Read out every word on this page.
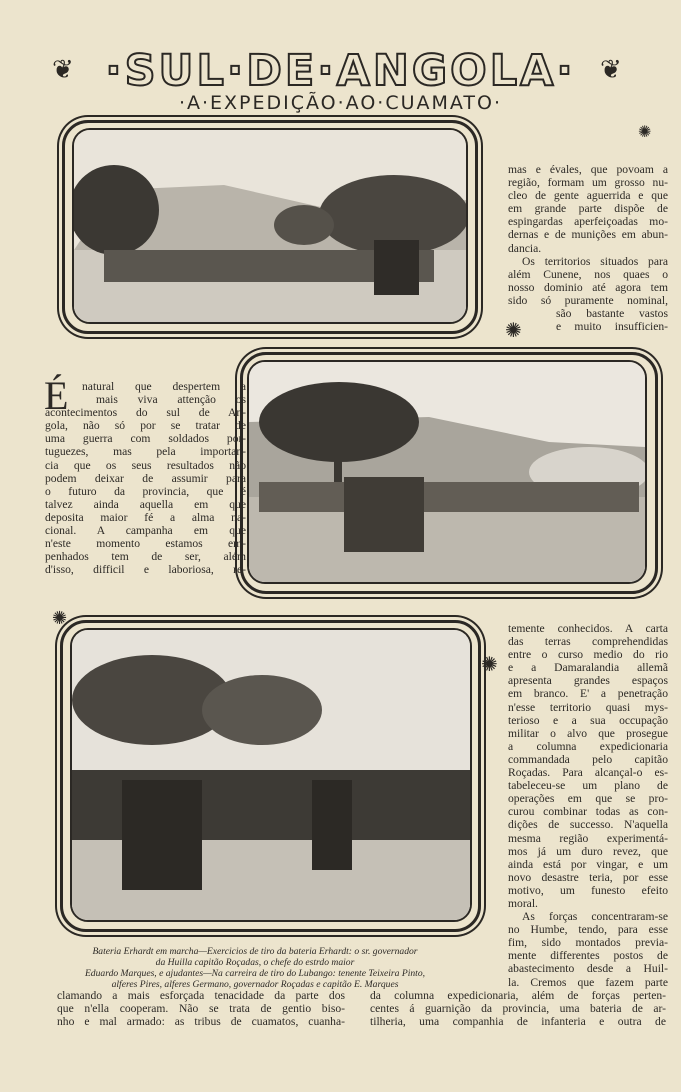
·SUL·DE·ANGOLA·
·A·EXPEDIÇÃO·AO·CUAMATO·
❦	❦
✺
✺
✺
✺
É natural que despertem a
mais viva attenção os
acontecimentos do sul de An-
gola, não só por se tratar de
uma guerra com soldados por-
tuguezes, mas pela importan-
cia que os seus resultados não
podem deixar de assumir para
o futuro da provincia, que é
talvez ainda aquella em que
deposita maior fé a alma na-
cional. A campanha em que
n'este momento estamos em-
penhados tem de ser, além
d'isso, difficil e laboriosa, re-
mas e évales, que povoam a
região, formam um grosso nu-
cleo de gente aguerrida e que
em grande parte dispõe de
espingardas aperfeiçoadas mo-
dernas e de munições em abun-
dancia.
Os territorios situados para
além Cunene, nos quaes o
nosso dominio até agora tem
sido só puramente nominal,
são bastante vastos
e muito insufficien-
temente conhecidos. A carta
das terras comprehendidas
entre o curso medio do rio
e a Damaralandia allemã
apresenta grandes espaços
em branco. E' a penetração
n'esse territorio quasi mys-
terioso e a sua occupação
militar o alvo que prosegue
a columna expedicionaria
commandada pelo capitão
Roçadas. Para alcançal-o es-
tabeleceu-se um plano de
operações em que se pro-
curou combinar todas as con-
dições de successo. N'aquella
mesma região experimentá-
mos já um duro revez, que
ainda está por vingar, e um
novo desastre teria, por esse
motivo, um funesto efeito
moral.
As forças concentraram-se
no Humbe, tendo, para esse
fim, sido montados previa-
mente differentes postos de
abastecimento desde a Huil-
la. Cremos que fazem parte
clamando a mais esforçada tenacidade da parte dos
que n'ella cooperam. Não se trata de gentio biso-
nho e mal armado: as tribus de cuamatos, cuanha-
da columna expedicionaria, além de forças perten-
centes á guarnição da provincia, uma bateria de ar-
tilheria, uma companhia de infanteria e outra de
Bateria Erhardt em marcha—Exercicios de tiro da bateria Erhardt: o sr. governador
da Huilla capitão Roçadas, o chefe do estrdo maior
Eduardo Marques, e ajudantes—Na carreira de tiro do Lubango: tenente Teixeira Pinto,
alferes Pires, alferes Germano, governador Roçadas e capitão E. Marques
